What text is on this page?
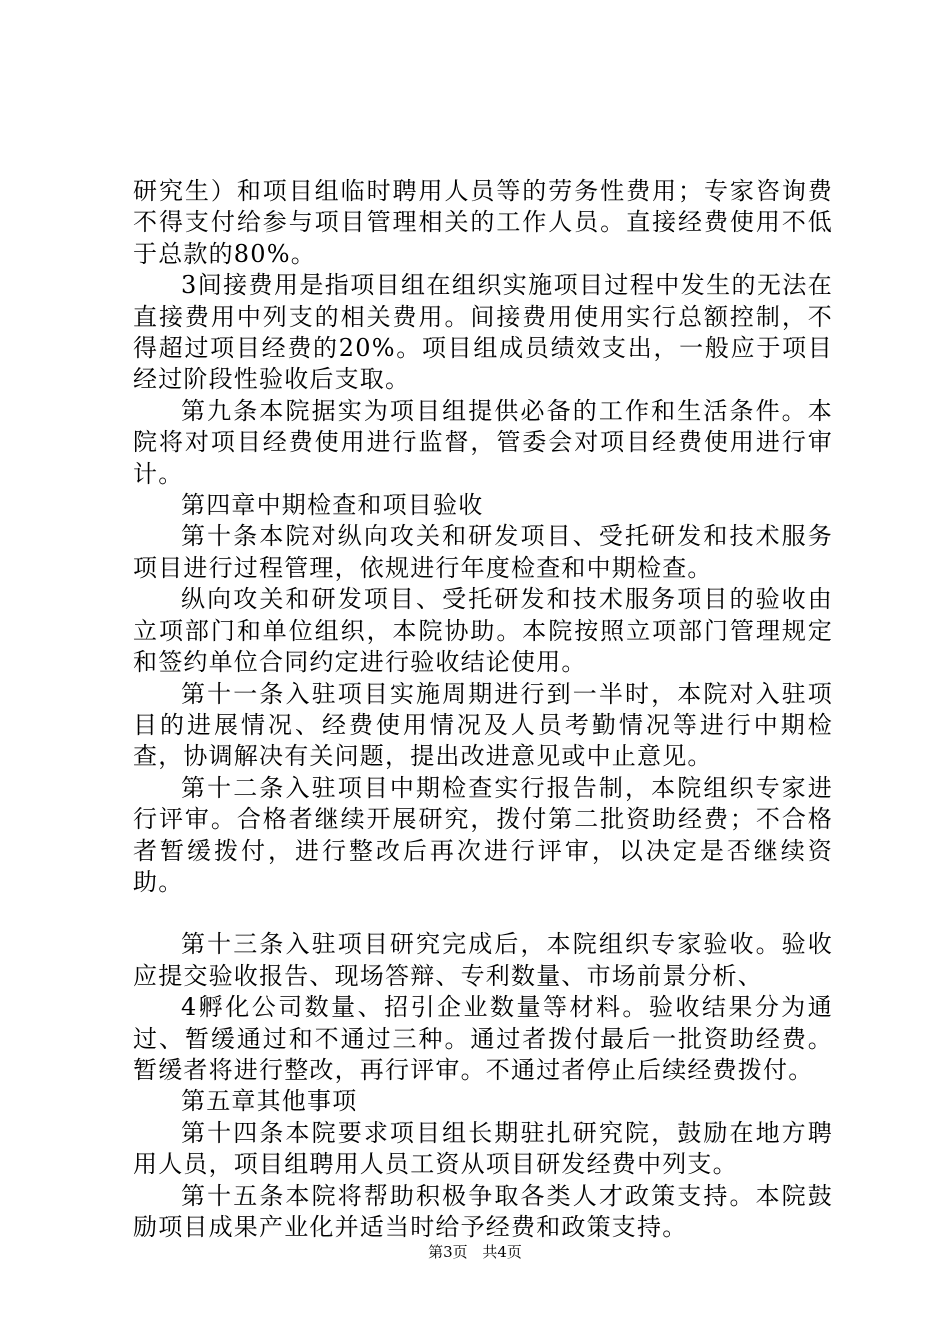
研究生）和项目组临时聘用人员等的劳务性费用；专家咨询费不得支付给参与项目管理相关的工作人员。直接经费使用不低于总款的80%。

3间接费用是指项目组在组织实施项目过程中发生的无法在直接费用中列支的相关费用。间接费用使用实行总额控制，不得超过项目经费的20%。项目组成员绩效支出，一般应于项目经过阶段性验收后支取。

第九条本院据实为项目组提供必备的工作和生活条件。本院将对项目经费使用进行监督，管委会对项目经费使用进行审计。

第四章中期检查和项目验收

第十条本院对纵向攻关和研发项目、受托研发和技术服务项目进行过程管理，依规进行年度检查和中期检查。

纵向攻关和研发项目、受托研发和技术服务项目的验收由立项部门和单位组织，本院协助。本院按照立项部门管理规定和签约单位合同约定进行验收结论使用。

第十一条入驻项目实施周期进行到一半时，本院对入驻项目的进展情况、经费使用情况及人员考勤情况等进行中期检查，协调解决有关问题，提出改进意见或中止意见。

第十二条入驻项目中期检查实行报告制，本院组织专家进行评审。合格者继续开展研究，拨付第二批资助经费；不合格者暂缓拨付，进行整改后再次进行评审，以决定是否继续资助。

第十三条入驻项目研究完成后，本院组织专家验收。验收应提交验收报告、现场答辩、专利数量、市场前景分析、

4孵化公司数量、招引企业数量等材料。验收结果分为通过、暂缓通过和不通过三种。通过者拨付最后一批资助经费。暂缓者将进行整改，再行评审。不通过者停止后续经费拨付。

第五章其他事项

第十四条本院要求项目组长期驻扎研究院，鼓励在地方聘用人员，项目组聘用人员工资从项目研发经费中列支。

第十五条本院将帮助积极争取各类人才政策支持。本院鼓励项目成果产业化并适当时给予经费和政策支持。

第3页 共4页
